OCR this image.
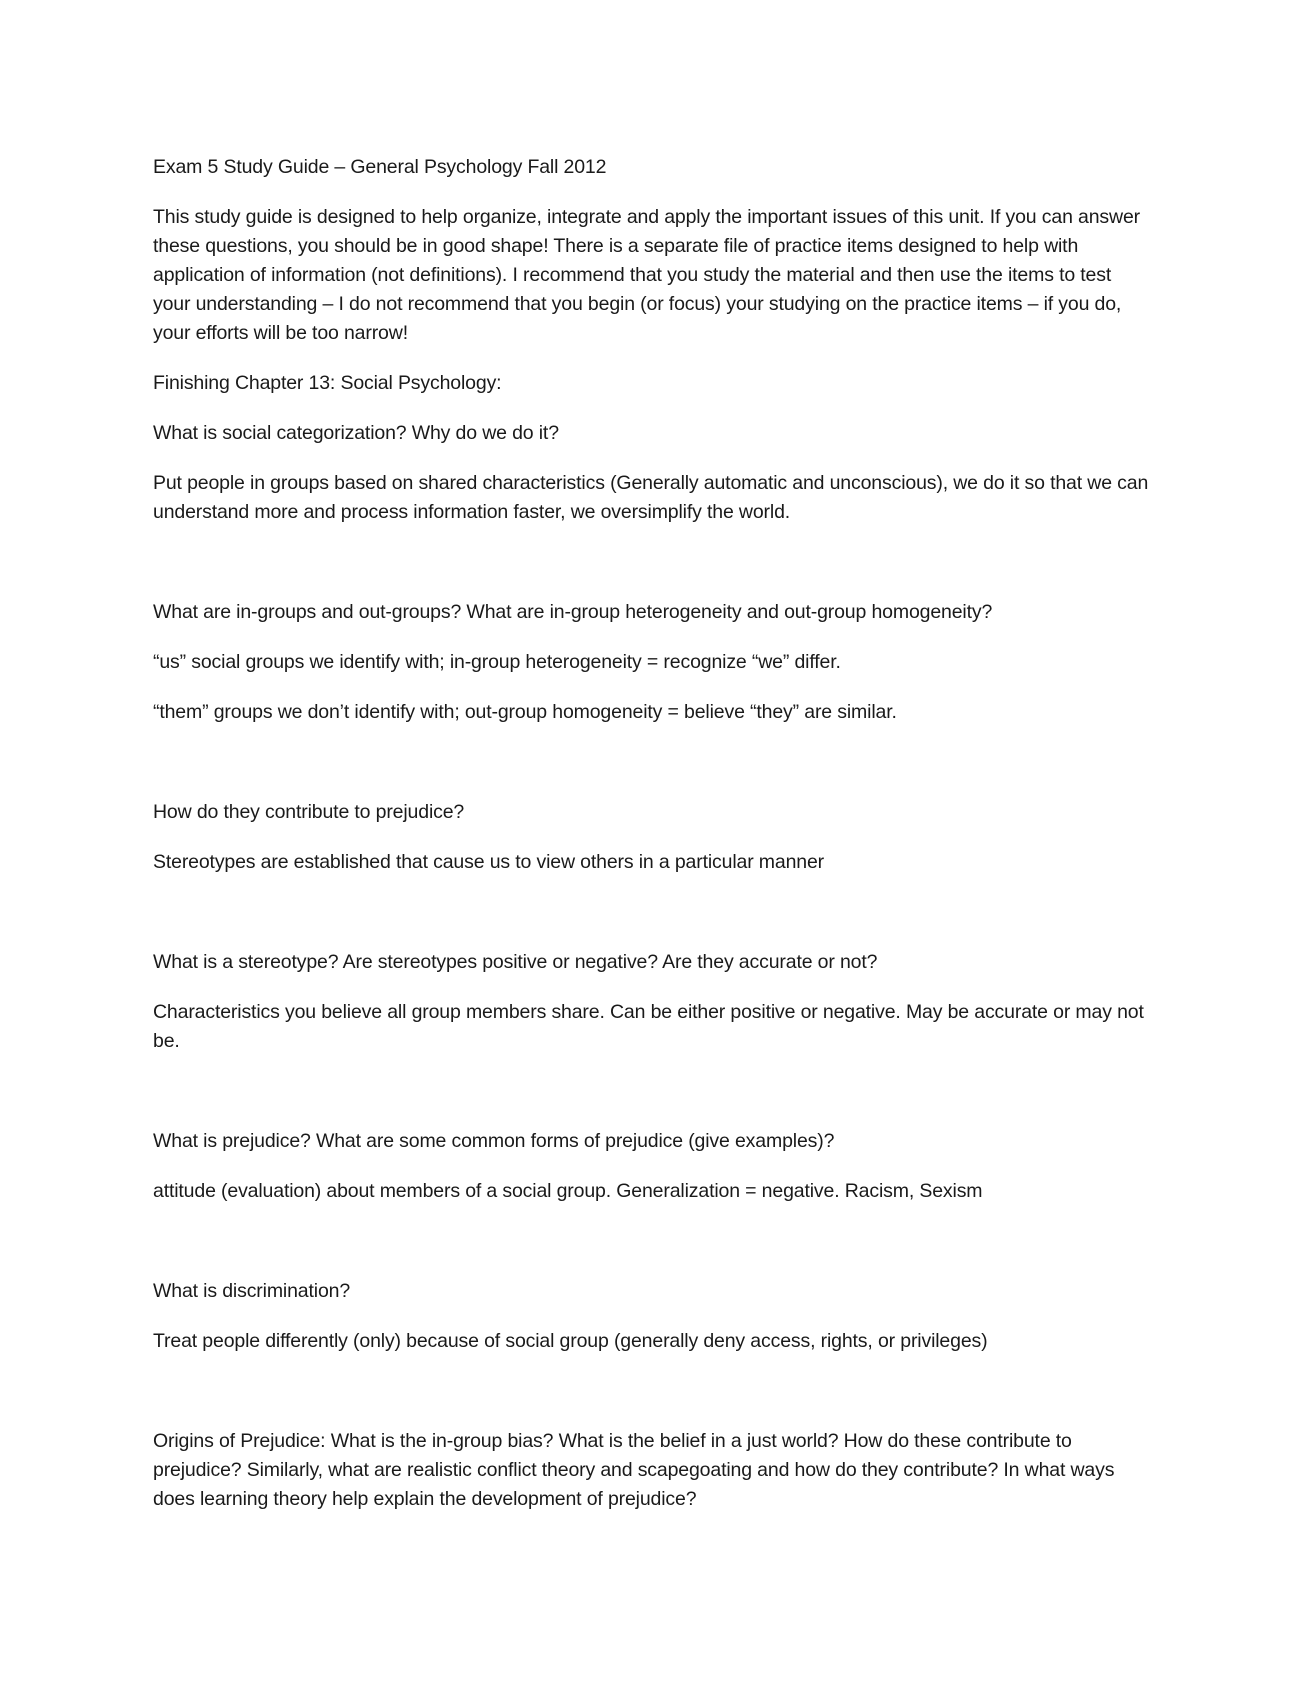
Exam 5 Study Guide – General Psychology Fall 2012

This study guide is designed to help organize, integrate and apply the important issues of this unit. If you can answer these questions, you should be in good shape! There is a separate file of practice items designed to help with application of information (not definitions). I recommend that you study the material and then use the items to test your understanding – I do not recommend that you begin (or focus) your studying on the practice items – if you do, your efforts will be too narrow!

Finishing Chapter 13: Social Psychology:

What is social categorization? Why do we do it?

Put people in groups based on shared characteristics (Generally automatic and unconscious), we do it so that we can understand more and process information faster, we oversimplify the world.

What are in-groups and out-groups? What are in-group heterogeneity and out-group homogeneity?

“us” social groups we identify with; in-group heterogeneity = recognize “we” differ.

“them” groups we don’t identify with; out-group homogeneity = believe “they” are similar.

How do they contribute to prejudice?

Stereotypes are established that cause us to view others in a particular manner

What is a stereotype? Are stereotypes positive or negative? Are they accurate or not?

Characteristics you believe all group members share. Can be either positive or negative. May be accurate or may not be.

What is prejudice? What are some common forms of prejudice (give examples)?

attitude (evaluation) about members of a social group. Generalization = negative. Racism, Sexism

What is discrimination?

Treat people differently (only) because of social group (generally deny access, rights, or privileges)

Origins of Prejudice: What is the in-group bias? What is the belief in a just world? How do these contribute to prejudice? Similarly, what are realistic conflict theory and scapegoating and how do they contribute? In what ways does learning theory help explain the development of prejudice?
